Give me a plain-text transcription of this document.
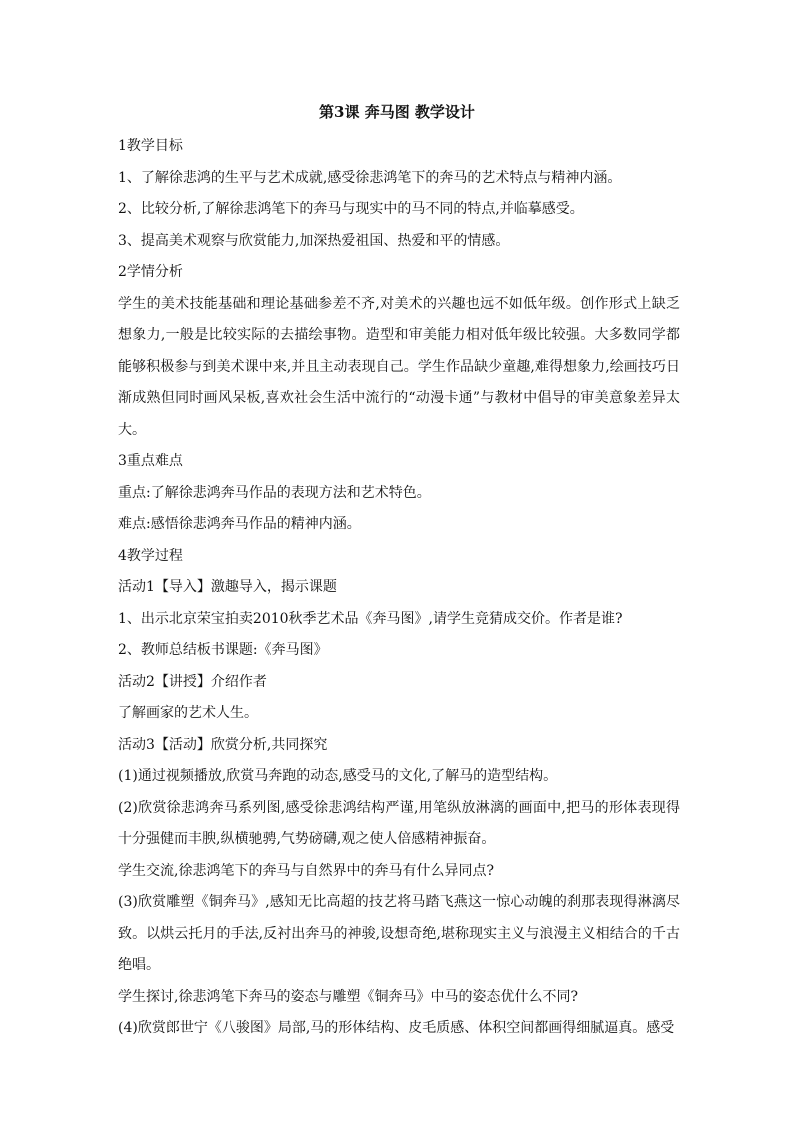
第3课 奔马图 教学设计
1教学目标
1、了解徐悲鸿的生平与艺术成就,感受徐悲鸿笔下的奔马的艺术特点与精神内涵。
2、比较分析,了解徐悲鸿笔下的奔马与现实中的马不同的特点,并临摹感受。
3、提高美术观察与欣赏能力,加深热爱祖国、热爱和平的情感。
2学情分析
学生的美术技能基础和理论基础参差不齐,对美术的兴趣也远不如低年级。创作形式上缺乏想象力,一般是比较实际的去描绘事物。造型和审美能力相对低年级比较强。大多数同学都能够积极参与到美术课中来,并且主动表现自己。学生作品缺少童趣,难得想象力,绘画技巧日渐成熟但同时画风呆板,喜欢社会生活中流行的“动漫卡通”与教材中倡导的审美意象差异太大。
3重点难点
重点:了解徐悲鸿奔马作品的表现方法和艺术特色。
难点:感悟徐悲鸿奔马作品的精神内涵。
4教学过程
活动1【导入】激趣导入，揭示课题
1、出示北京荣宝拍卖2010秋季艺术品《奔马图》,请学生竞猜成交价。作者是谁?
2、教师总结板书课题:《奔马图》
活动2【讲授】介绍作者
了解画家的艺术人生。
活动3【活动】欣赏分析,共同探究
(1)通过视频播放,欣赏马奔跑的动态,感受马的文化,了解马的造型结构。
(2)欣赏徐悲鸿奔马系列图,感受徐悲鸿结构严谨,用笔纵放淋漓的画面中,把马的形体表现得十分强健而丰腴,纵横驰骋,气势磅礴,观之使人倍感精神振奋。
学生交流,徐悲鸿笔下的奔马与自然界中的奔马有什么异同点?
(3)欣赏雕塑《铜奔马》,感知无比高超的技艺将马踏飞燕这一惊心动魄的刹那表现得淋漓尽致。以烘云托月的手法,反衬出奔马的神骏,设想奇绝,堪称现实主义与浪漫主义相结合的千古绝唱。
学生探讨,徐悲鸿笔下奔马的姿态与雕塑《铜奔马》中马的姿态优什么不同?
(4)欣赏郎世宁《八骏图》局部,马的形体结构、皮毛质感、体积空间都画得细腻逼真。感受
